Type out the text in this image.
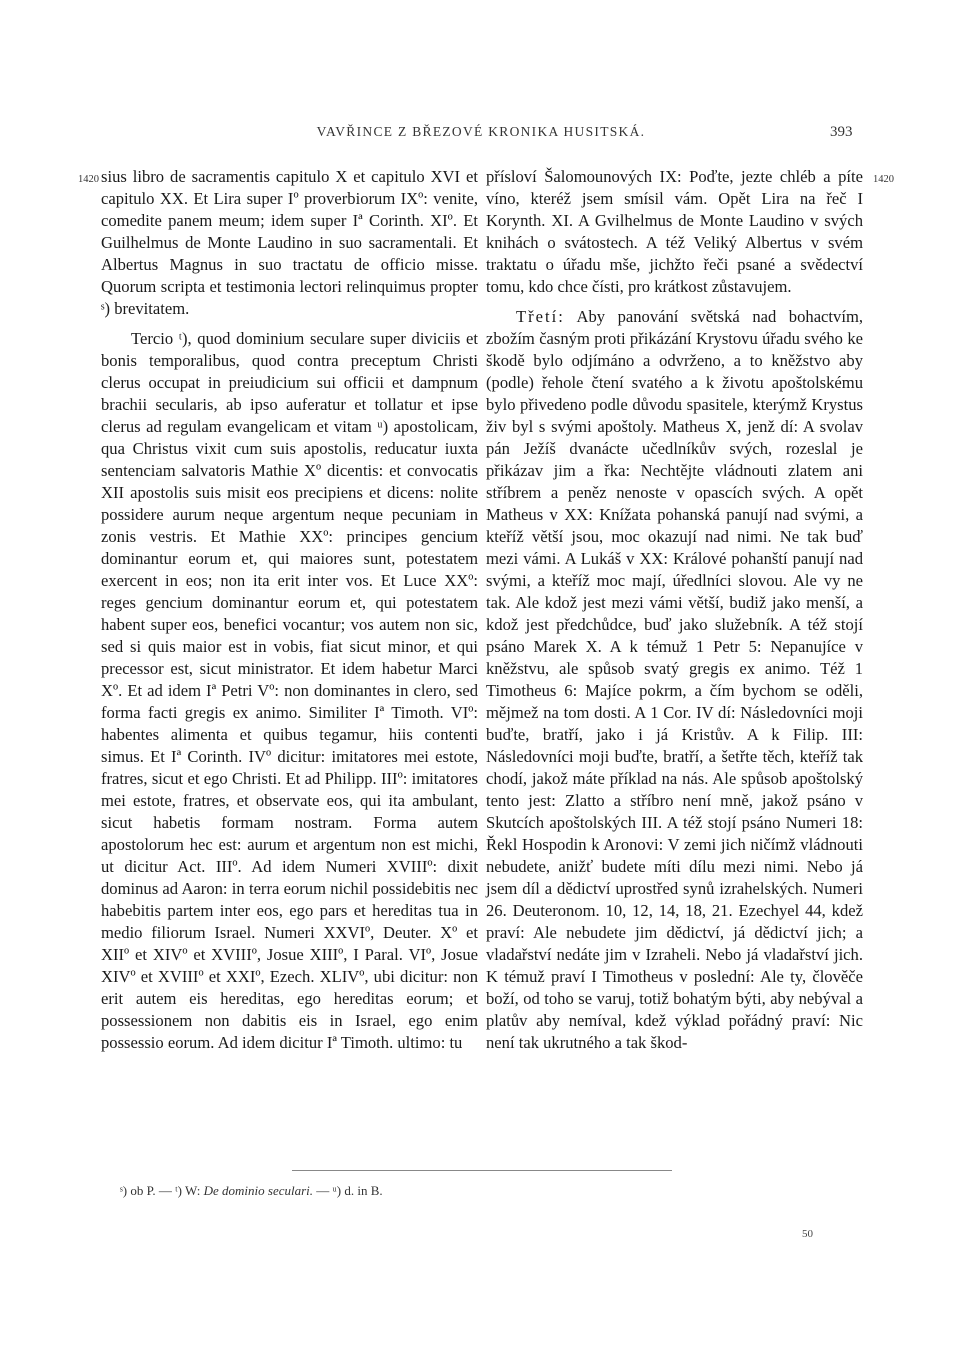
VAVŘINCE Z BŘEZOVÉ KRONIKA HUSITSKÁ.	393
1420	1420

sius libro de sacramentis capitulo X et capitulo XVI et capitulo XX. Et Lira super Iº proverbiorum IXº: venite, comedite panem meum; idem super Iª Corinth. XIº. Et Guilhelmus de Monte Laudino in suo sacramentali. Et Albertus Magnus in suo tractatu de officio misse. Quorum scripta et testimonia lectori relinquimus propter ˢ) brevitatem.

Tercio ᵗ), quod dominium seculare super diviciis et bonis temporalibus, quod contra preceptum Christi clerus occupat in preiudicium sui officii et dampnum brachii secularis, ab ipso auferatur et tollatur et ipse clerus ad regulam evangelicam et vitam ᵘ) apostolicam, qua Christus vixit cum suis apostolis, reducatur iuxta sentenciam salvatoris Mathie Xº dicentis: et convocatis XII apostolis suis misit eos precipiens et dicens: nolite possidere aurum neque argentum neque pecuniam in zonis vestris. Et Mathie XXº: principes gencium dominantur eorum et, qui maiores sunt, potestatem exercent in eos; non ita erit inter vos. Et Luce XXº: reges gencium dominantur eorum et, qui potestatem habent super eos, benefici vocantur; vos autem non sic, sed si quis maior est in vobis, fiat sicut minor, et qui precessor est, sicut ministrator. Et idem habetur Marci Xº. Et ad idem Iª Petri Vº: non dominantes in clero, sed forma facti gregis ex animo. Similiter Iª Timoth. VIº: habentes alimenta et quibus tegamur, hiis contenti simus. Et Iª Corinth. IVº dicitur: imitatores mei estote, fratres, sicut et ego Christi. Et ad Philipp. IIIº: imitatores mei estote, fratres, et observate eos, qui ita ambulant, sicut habetis formam nostram. Forma autem apostolorum hec est: aurum et argentum non est michi, ut dicitur Act. IIIº. Ad idem Numeri XVIIIº: dixit dominus ad Aaron: in terra eorum nichil possidebitis nec habebitis partem inter eos, ego pars et hereditas tua in medio filiorum Israel. Numeri XXVIº, Deuter. Xº et XIIº et XIVº et XVIIIº, Josue XIIIº, I Paral. VIº, Josue XIVº et XVIIIº et XXIº, Ezech. XLIVº, ubi dicitur: non erit autem eis hereditas, ego hereditas eorum; et possessionem non dabitis eis in Israel, ego enim possessio eorum. Ad idem dicitur Iª Timoth. ultimo: tu

přísloví Šalomounových IX: Poďte, jezte chléb a píte víno, kteréž jsem smísil vám. Opět Lira na řeč I Korynth. XI. A Gvilhelmus de Monte Laudino v svých knihách o svátostech. A též Veliký Albertus v svém traktatu o úřadu mše, jichžto řeči psané a svědectví tomu, kdo chce čísti, pro krátkost zůstavujem.

Třetí: Aby panování světská nad bohactvím, zbožím časným proti přikázání Krystovu úřadu svého ke škodě bylo odjímáno a odvrženo, a to kněžstvo aby (podle) řehole čtení svatého a k životu apoštolskému bylo přivedeno podle důvodu spasitele, kterýmž Krystus živ byl s svými apoštoly. Matheus X, jenž dí: A svolav pán Ježíš dvanácte učedlníkův svých, rozeslal je přikázav jim a řka: Nechtějte vládnouti zlatem ani stříbrem a peněz nenoste v opascích svých. A opět Matheus v XX: Knížata pohanská panují nad svými, a kteříž větší jsou, moc okazují nad nimi. Ne tak buď mezi vámi. A Lukáš v XX: Králové pohanští panují nad svými, a kteříž moc mají, úředlníci slovou. Ale vy ne tak. Ale kdož jest mezi vámi větší, budiž jako menší, a kdož jest předchůdce, buď jako služebník. A též stojí psáno Marek X. A k témuž 1 Petr 5: Nepanujíce v kněžstvu, ale spůsob svatý gregis ex animo. Též 1 Timotheus 6: Majíce pokrm, a čím bychom se oděli, mějmež na tom dosti. A 1 Cor. IV dí: Následovníci moji buďte, bratří, jako i já Kristův. A k Filip. III: Následovníci moji buďte, bratří, a šetřte těch, kteříž tak chodí, jakož máte příklad na nás. Ale spůsob apoštolský tento jest: Zlatto a stříbro není mně, jakož psáno v Skutcích apoštolských III. A též stojí psáno Numeri 18: Řekl Hospodin k Aronovi: V zemi jich ničímž vládnouti nebudete, anižť budete míti dílu mezi nimi. Nebo já jsem díl a dědictví uprostřed synů izrahelských. Numeri 26. Deuteronom. 10, 12, 14, 18, 21. Ezechyel 44, kdež praví: Ale nebudete jim dědictví, já dědictví jich; a vladařství nedáte jim v Izraheli. Nebo já vladařství jich. K témuž praví I Timotheus v poslední: Ale ty, člověče boží, od toho se varuj, totiž bohatým býti, aby nebýval a platův aby nemíval, kdež výklad pořádný praví: Nic není tak ukrutného a tak škod-

ˢ) ob P. — ᵗ) W: De dominio seculari. — ᵘ) d. in B.
50
